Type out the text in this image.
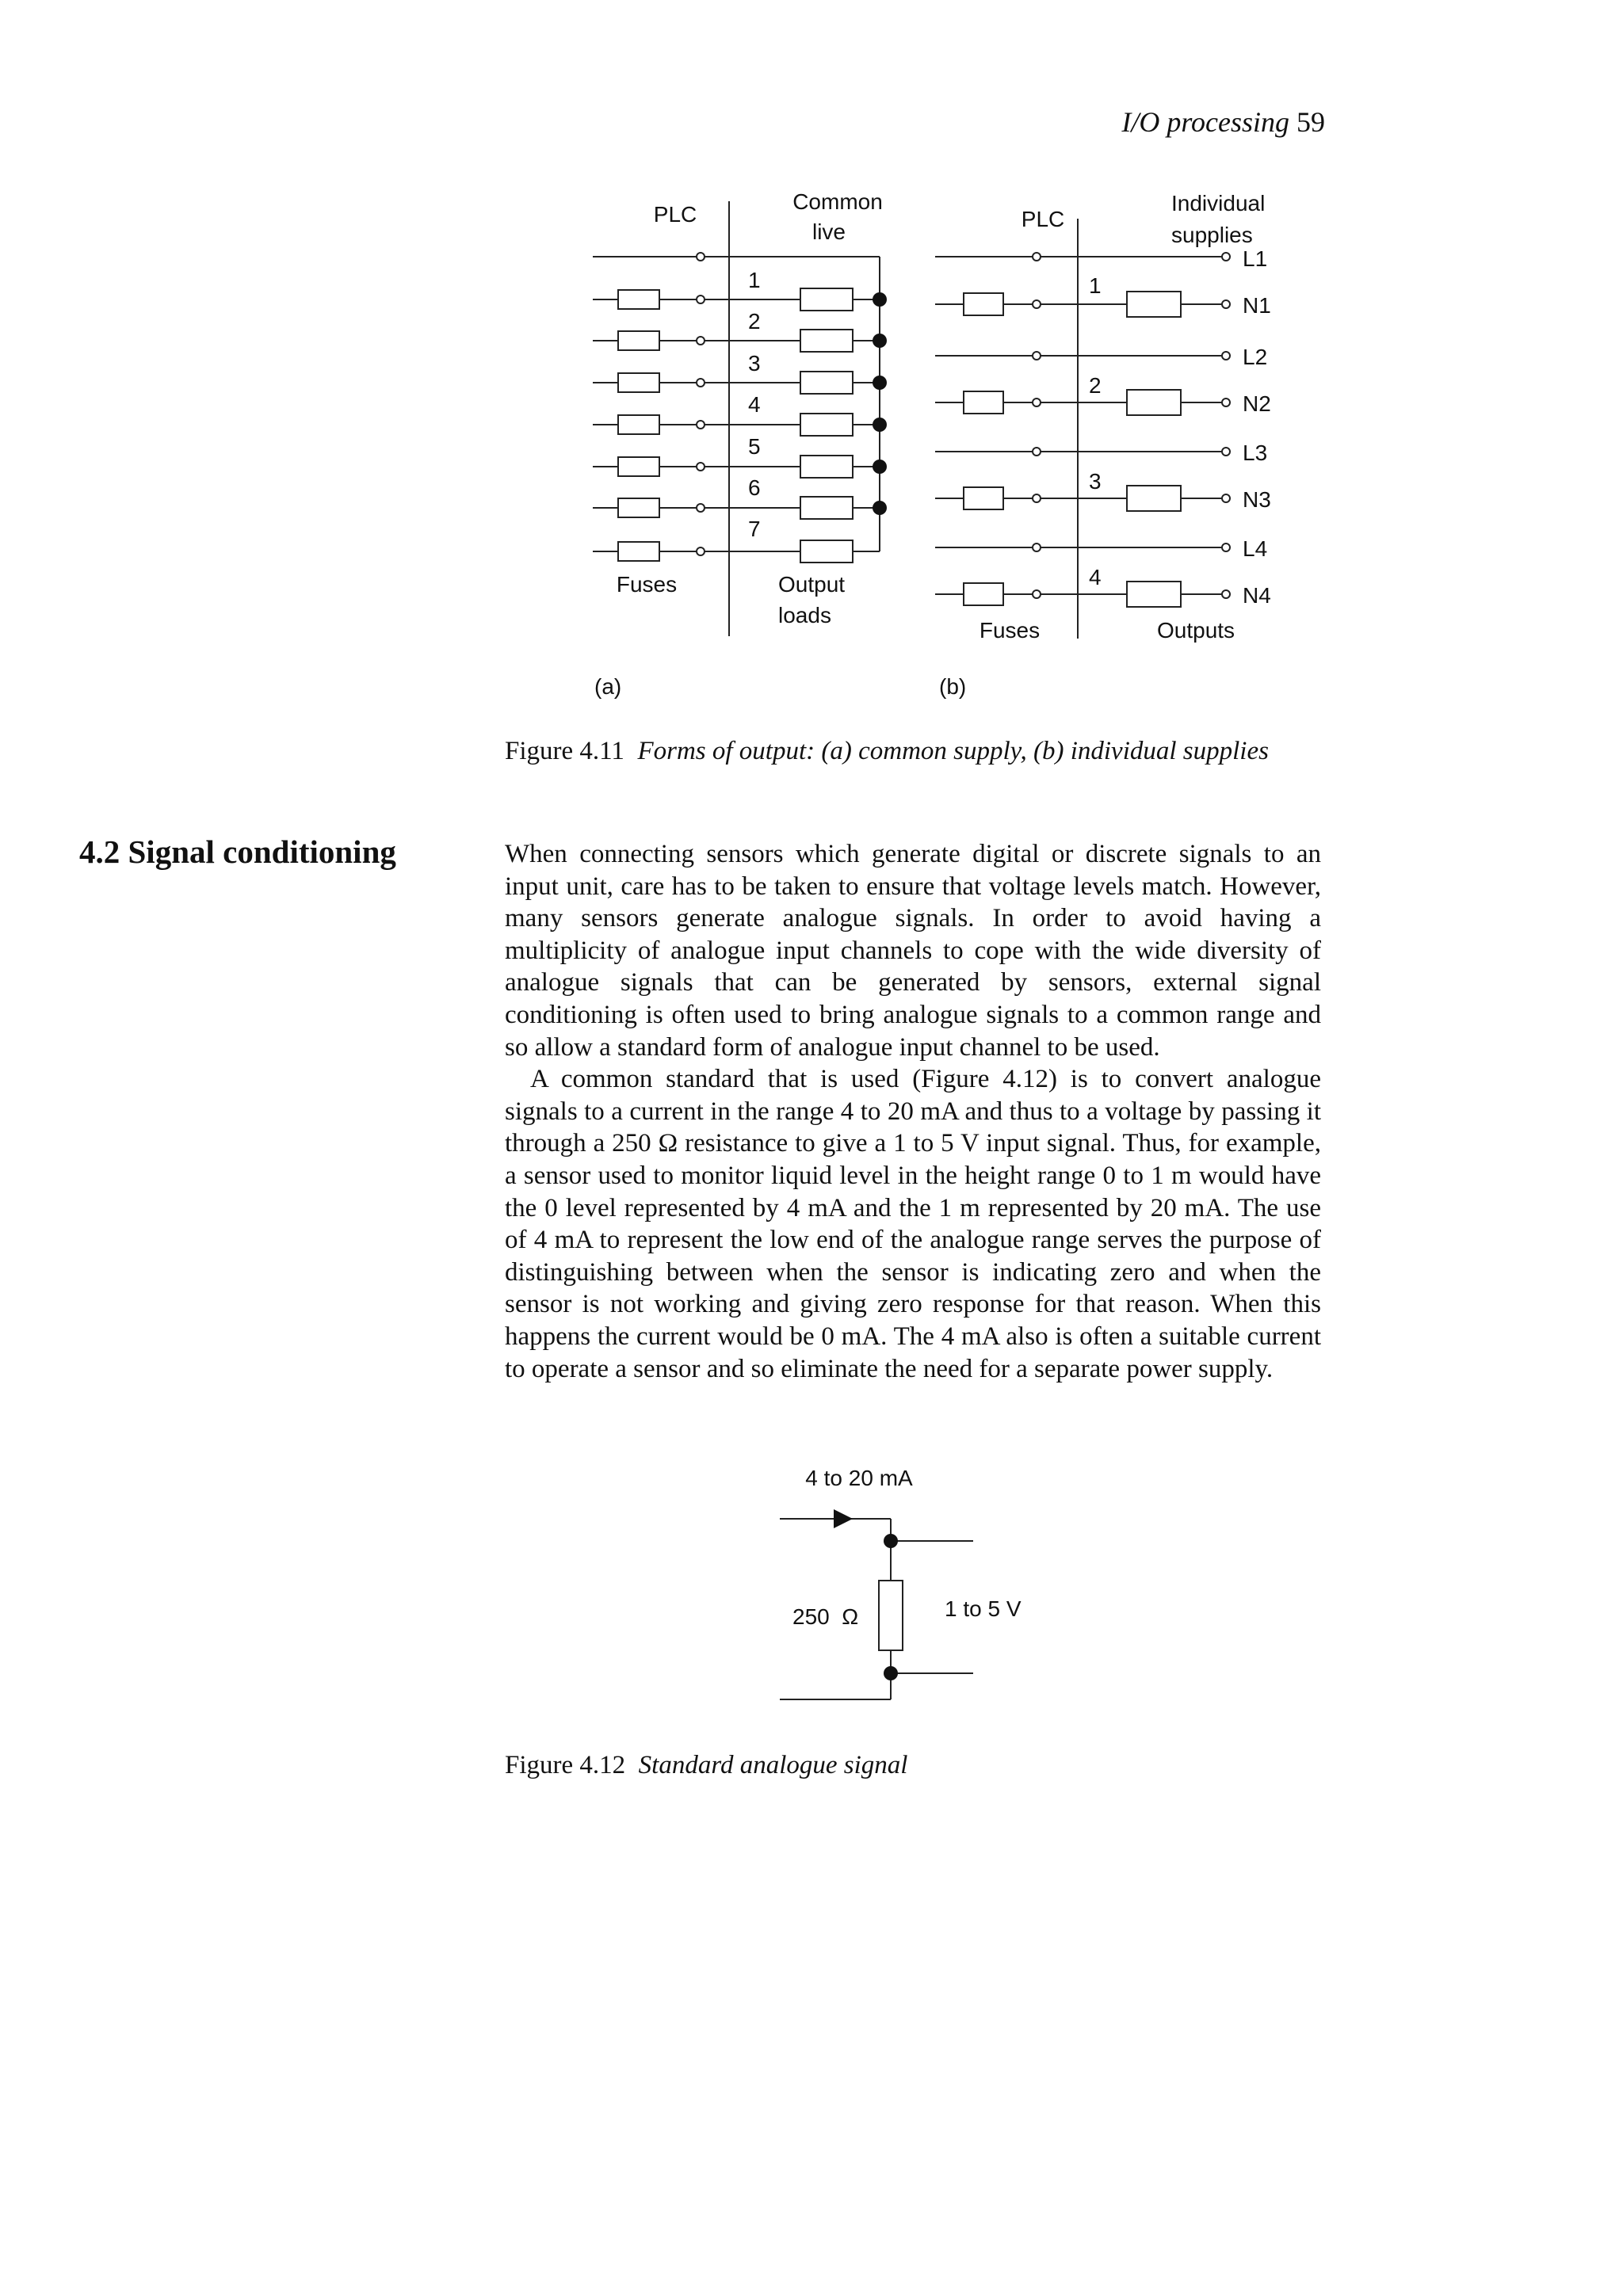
I/O processing 59
PLC
Common
live
1
2
3
4
5
6
7
Fuses	Output
loads
(a)
PLC
Individual
supplies
1
2
3
4
L1
N1
L2
N2
L3
N3
L4
N4
Fuses	Outputs
(b)
Figure 4.11 Forms of output: (a) common supply, (b) individual supplies
4.2 Signal conditioning	When connecting sensors which generate digital or discrete signals to an input unit, care has to be taken to ensure that voltage levels match. However, many sensors generate analogue signals. In order to avoid having a multiplicity of analogue input channels to cope with the wide diversity of analogue signals that can be generated by sensors, external signal conditioning is often used to bring analogue signals to a common range and so allow a standard form of analogue input channel to be used.

A common standard that is used (Figure 4.12) is to convert analogue signals to a current in the range 4 to 20 mA and thus to a voltage by passing it through a 250 Ω resistance to give a 1 to 5 V input signal. Thus, for example, a sensor used to monitor liquid level in the height range 0 to 1 m would have the 0 level represented by 4 mA and the 1 m represented by 20 mA. The use of 4 mA to represent the low end of the analogue range serves the purpose of distinguishing between when the sensor is indicating zero and when the sensor is not working and giving zero response for that reason. When this happens the current would be 0 mA. The 4 mA also is often a suitable current to operate a sensor and so eliminate the need for a separate power supply.

4 to 20 mA
250  Ω	1 to 5 V
Figure 4.12 Standard analogue signal
